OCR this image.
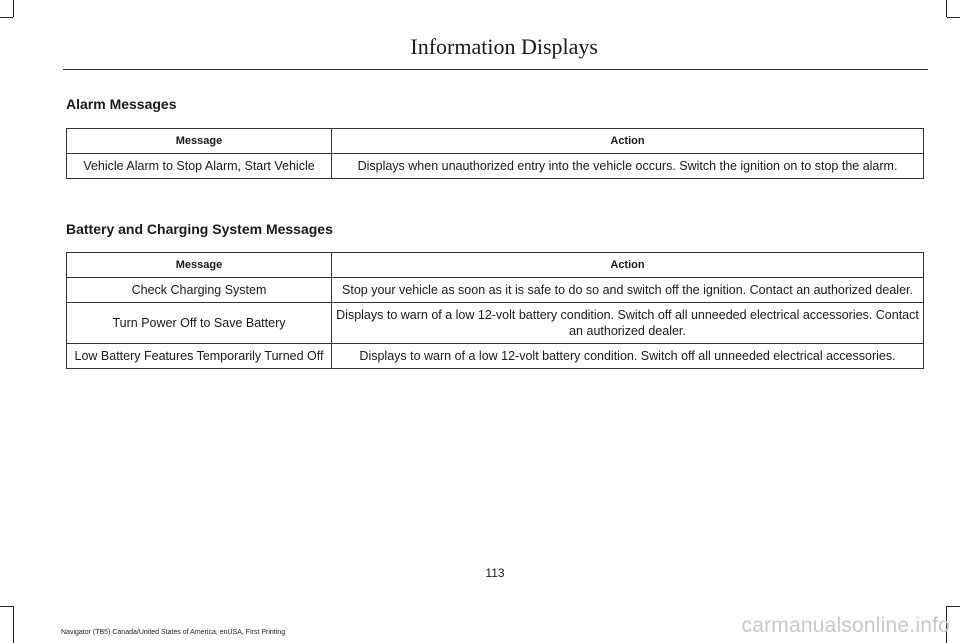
Information Displays
Alarm Messages
Message	Action
Vehicle Alarm to Stop Alarm, Start Vehicle	Displays when unauthorized entry into the vehicle occurs. Switch the ignition on to stop the alarm.
Battery and Charging System Messages
Message	Action
Check Charging System	Stop your vehicle as soon as it is safe to do so and switch off the ignition. Contact an authorized dealer.
Turn Power Off to Save Battery	Displays to warn of a low 12-volt battery condition. Switch off all unneeded electrical accessories. Contact an authorized dealer.
Low Battery Features Temporarily Turned Off	Displays to warn of a low 12-volt battery condition. Switch off all unneeded electrical accessories.
113
Navigator (TB5) Canada/United States of America, enUSA, First Printing	carmanualsonline.info
